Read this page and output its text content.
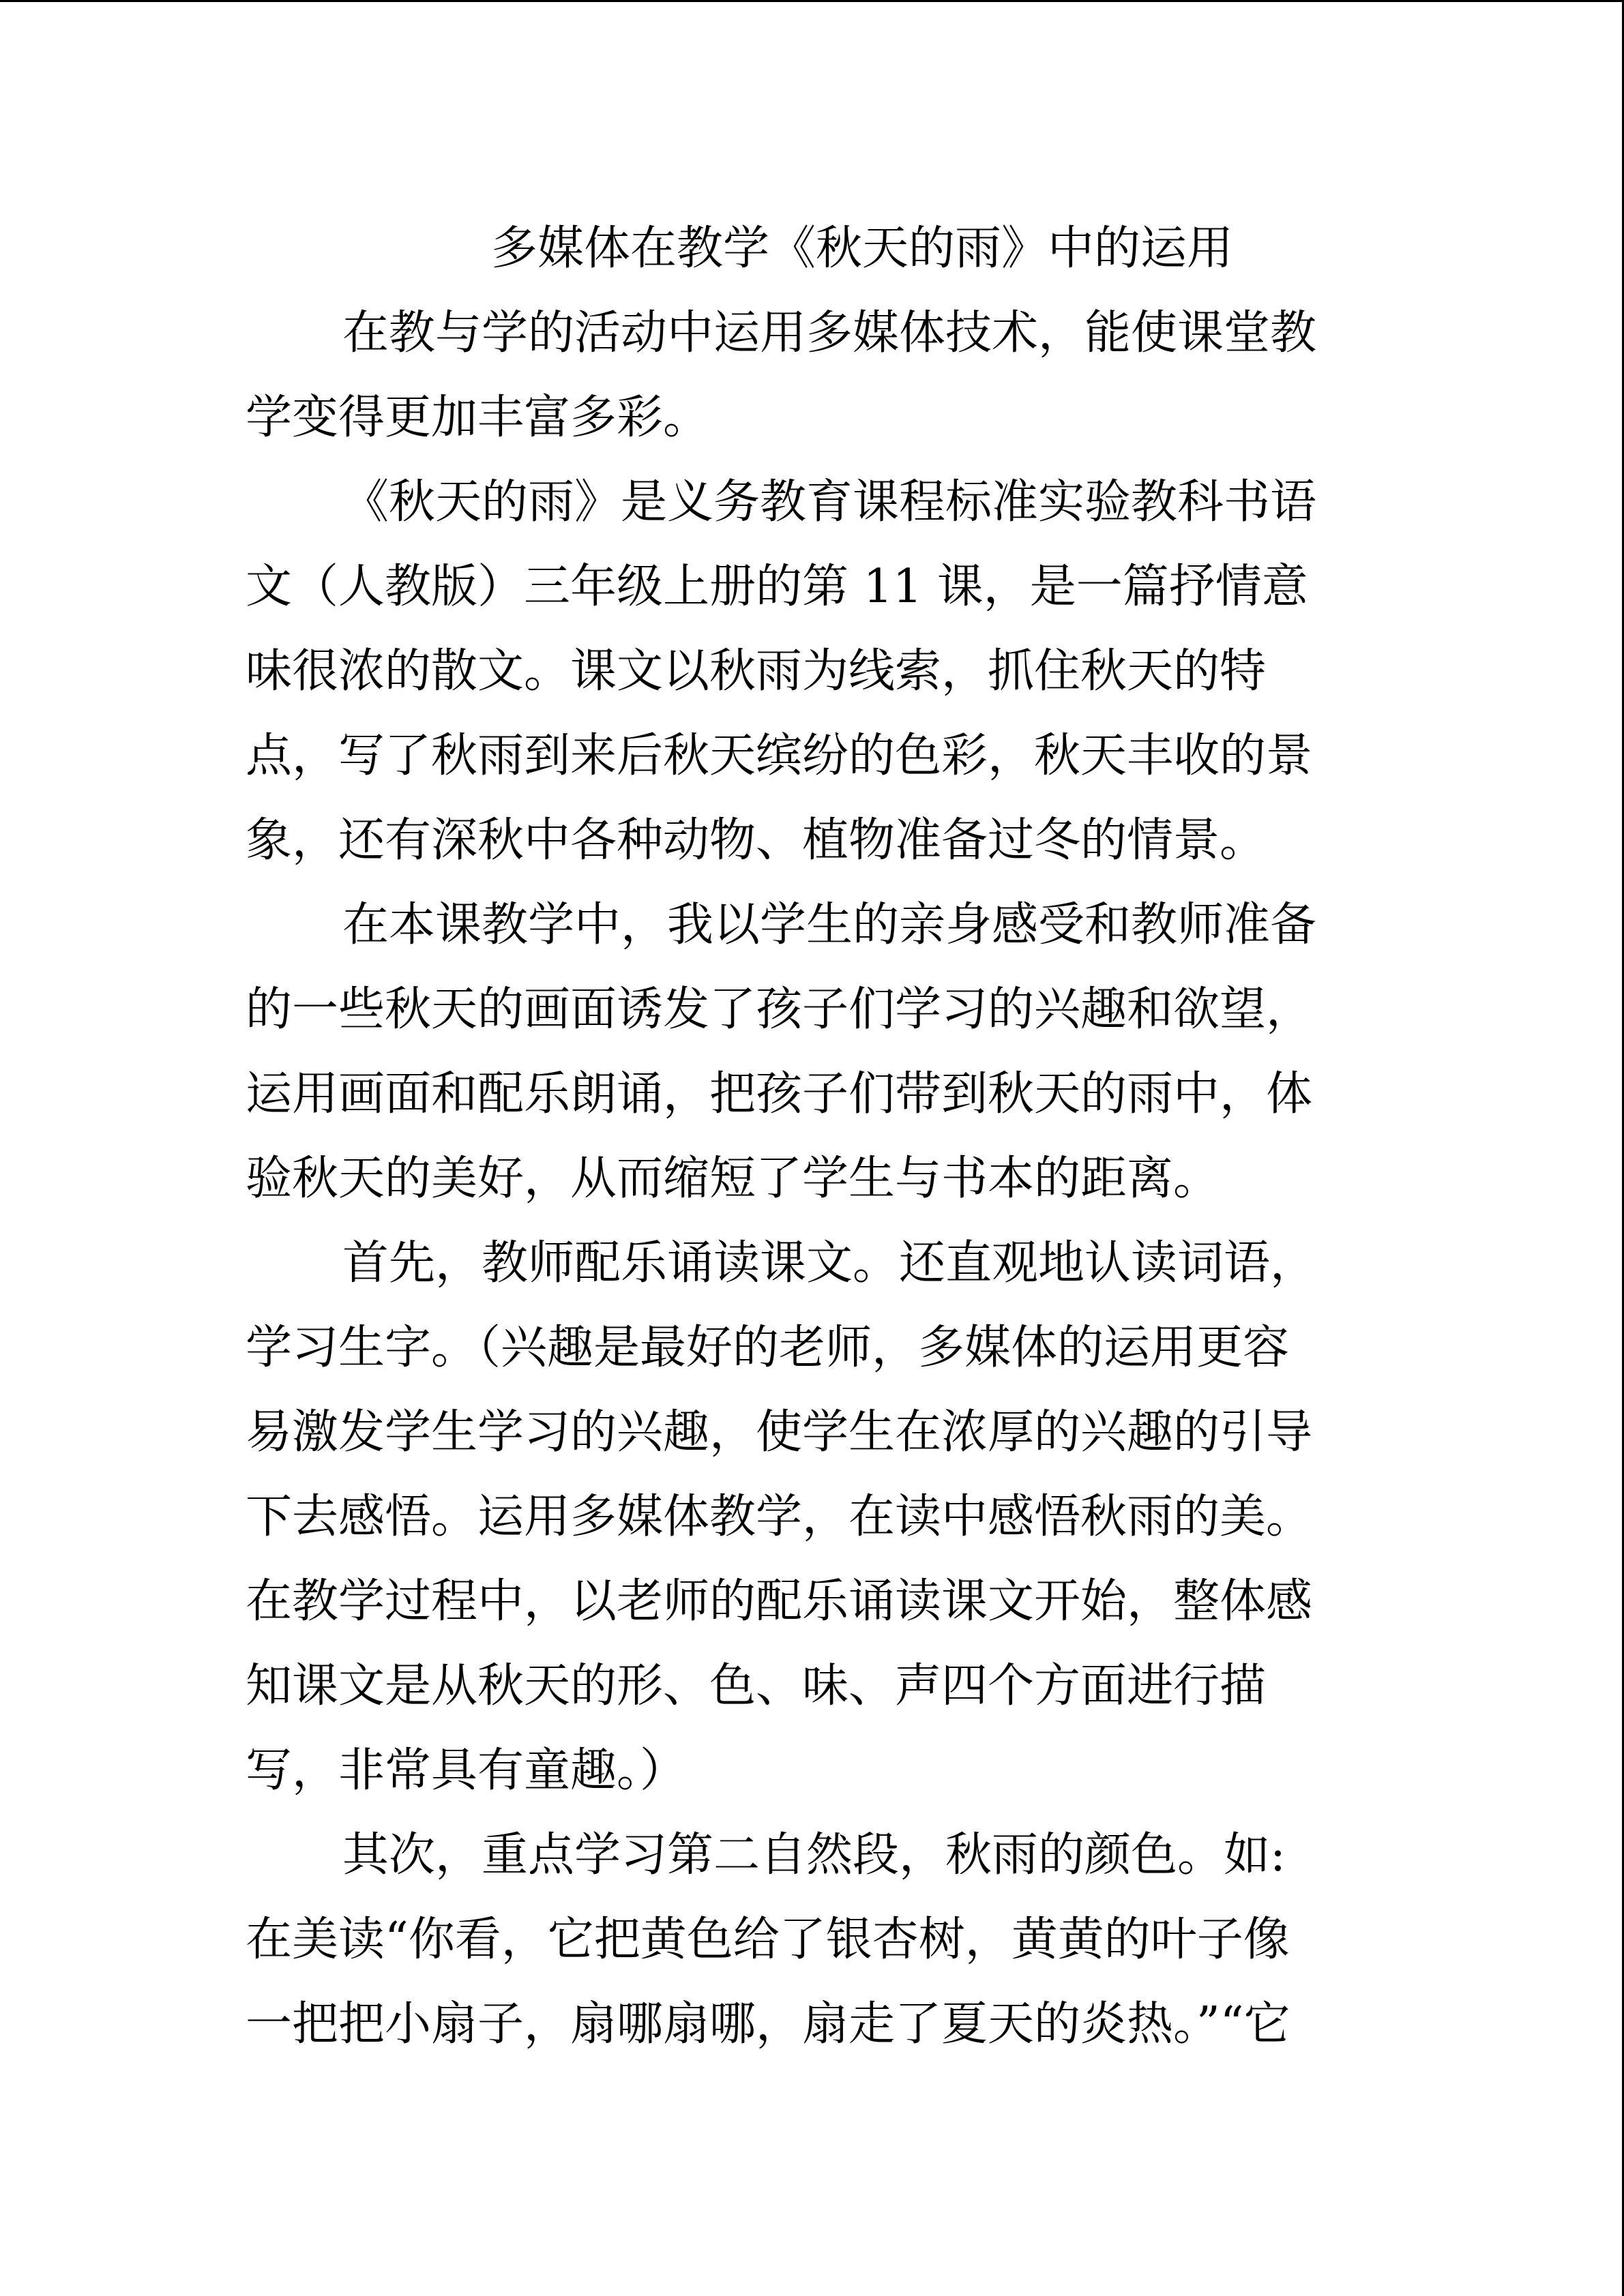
多媒体在教学《秋天的雨》中的运用
在教与学的活动中运用多媒体技术，能使课堂教
学变得更加丰富多彩。
《秋天的雨》是义务教育课程标准实验教科书语
文（人教版）三年级上册的第 11 课，是一篇抒情意
味很浓的散文。课文以秋雨为线索，抓住秋天的特
点，写了秋雨到来后秋天缤纷的色彩，秋天丰收的景
象，还有深秋中各种动物、植物准备过冬的情景。
在本课教学中，我以学生的亲身感受和教师准备
的一些秋天的画面诱发了孩子们学习的兴趣和欲望，
运用画面和配乐朗诵，把孩子们带到秋天的雨中，体
验秋天的美好，从而缩短了学生与书本的距离。
首先，教师配乐诵读课文。还直观地认读词语，
学习生字。（兴趣是最好的老师，多媒体的运用更容
易激发学生学习的兴趣，使学生在浓厚的兴趣的引导
下去感悟。运用多媒体教学，在读中感悟秋雨的美。
在教学过程中，以老师的配乐诵读课文开始，整体感
知课文是从秋天的形、色、味、声四个方面进行描
写，非常具有童趣。）
其次，重点学习第二自然段，秋雨的颜色。如:
在美读“你看，它把黄色给了银杏树，黄黄的叶子像
一把把小扇子，扇哪扇哪，扇走了夏天的炎热。”“它
